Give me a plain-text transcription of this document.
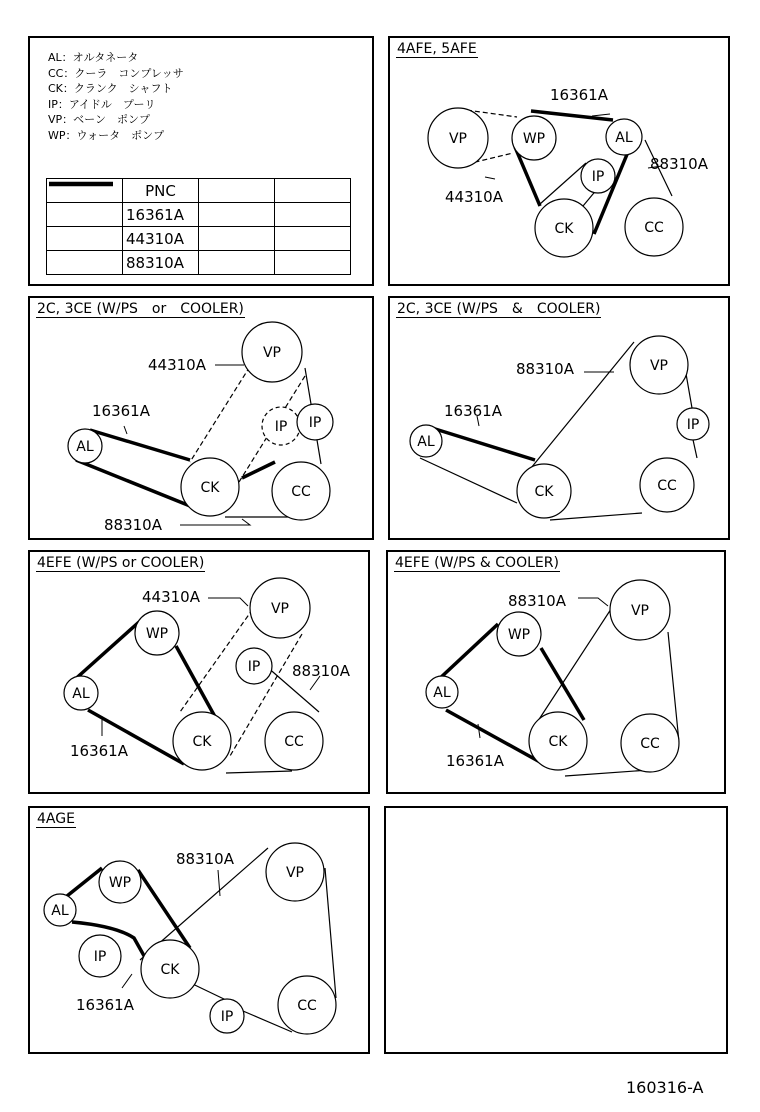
AL：オルタネータ
CC：クーラ　コンプレッサ
CK：クランク　シャフト
IP：アイドル　プーリ
VP：ベーン　ポンプ
WP：ウォータ　ポンプ
	PNC		

	16361A		

	44310A		

	88310A		
VP	WP	AL
IP
CK	CC
16361A
44310A
88310A
4AFE, 5AFE
IP
AL
CK
VP
CC
IP
44310A
16361A
88310A
2C, 3CE (W/PS　or　COOLER)
AL
CK
VP
IP
CC
88310A
16361A
2C, 3CE (W/PS　&　COOLER)
AL
WP
IP
CK
VP
CC
44310A
88310A
16361A
4EFE (W/PS or COOLER)
AL
WP
CK
VP
CC
88310A
16361A
4EFE (W/PS & COOLER)
AL
WP
IP
CK
VP
CC
IP
88310A
16361A
4AGE
160316-A
